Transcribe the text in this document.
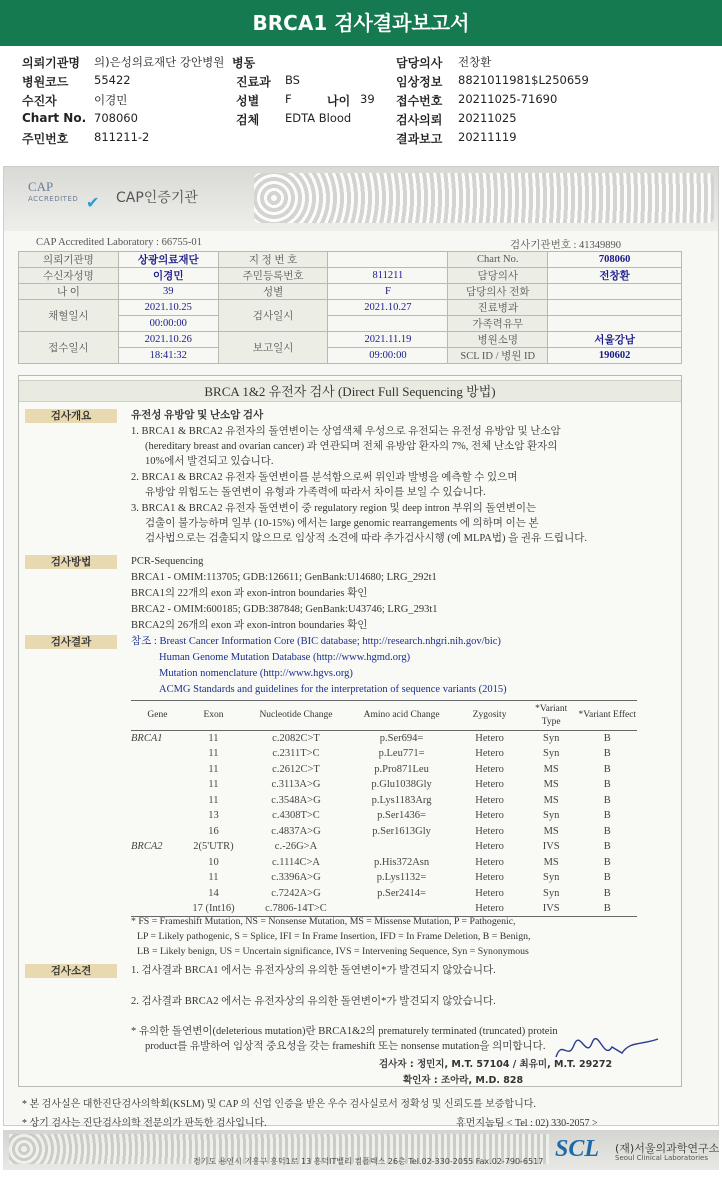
BRCA1 검사결과보고서
의뢰기관명 의)은성의료재단 강안병원 병동	담당의사 전창환
병원코드 55422	진료과 BS	임상정보 8821011981$L250659
수진자	이경민	성별 F	나이 39 접수번호 20211025-71690
Chart No. 708060	검체 EDTA Blood	검사의뢰 20211025
주민번호 811211-2	결과보고 20211119
CAP
ACCREDITED ✔ CAP인증기관
CAP Accredited Laboratory : 66755-01	검사기관번호 : 41349890
의뢰기관명	상광의료재단	지 정 번 호		Chart No.	708060
수신자성명	이경민	주민등록번호	811211	담당의사	전창환
나 이	39	성별	F	담당의사 전화	
채혈일시	2021.10.25	검사일시	2021.10.27	진료병과	
	00:00:00			가족력유무	
접수일시	2021.10.26	보고일시	2021.11.19	병원소명	서울강남
	18:41:32		09:00:00	SCL ID / 병원 ID	190602
BRCA 1&2 유전자 검사 (Direct Full Sequencing 방법)
검사개요	유전성 유방암 및 난소암 검사
1. BRCA1 & BRCA2 유전자의 돌연변이는 상염색체 우성으로 유전되는 유전성 유방암 및 난소암
(hereditary breast and ovarian cancer) 과 연관되며 전체 유방암 환자의 7%, 전체 난소암 환자의
10%에서 발견되고 있습니다.
2. BRCA1 & BRCA2 유전자 돌연변이를 분석함으로써 위인과 발병을 예측할 수 있으며
유방암 위험도는 돌연변이 유형과 가족력에 따라서 차이를 보일 수 있습니다.
3. BRCA1 & BRCA2 유전자 돌연변이 중 regulatory region 및 deep intron 부위의 돌연변이는
검출이 불가능하며 일부 (10-15%) 에서는 large genomic rearrangements 에 의하며 이는 본
검사법으로는 검출되지 않으므로 임상적 소견에 따라 추가검사시행 (예 MLPA법) 을 권유 드립니다.
검사방법	PCR-Sequencing
BRCA1 - OMIM:113705; GDB:126611; GenBank:U14680; LRG_292t1
BRCA1의 22개의 exon 과 exon-intron boundaries 확인
BRCA2 - OMIM:600185; GDB:387848; GenBank:U43746; LRG_293t1
BRCA2의 26개의 exon 과 exon-intron boundaries 확인
검사결과	참조 : Breast Cancer Information Core (BIC database; http://research.nhgri.nih.gov/bic)
Human Genome Mutation Database (http://www.hgmd.org)
Mutation nomenclature (http://www.hgvs.org)
ACMG Standards and guidelines for the interpretation of sequence variants (2015)
Gene	Exon	Nucleotide Change	Amino acid Change	Zygosity	*Variant Type	*Variant Effect
BRCA1	11	c.2082C>T	p.Ser694=	Hetero	Syn	B
	11	c.2311T>C	p.Leu771=	Hetero	Syn	B
	11	c.2612C>T	p.Pro871Leu	Hetero	MS	B
	11	c.3113A>G	p.Glu1038Gly	Hetero	MS	B
	11	c.3548A>G	p.Lys1183Arg	Hetero	MS	B
	13	c.4308T>C	p.Ser1436=	Hetero	Syn	B
	16	c.4837A>G	p.Ser1613Gly	Hetero	MS	B
BRCA2	2(5'UTR)	c.-26G>A		Hetero	IVS	B
	10	c.1114C>A	p.His372Asn	Hetero	MS	B
	11	c.3396A>G	p.Lys1132=	Hetero	Syn	B
	14	c.7242A>G	p.Ser2414=	Hetero	Syn	B
	17 (Int16)	c.7806-14T>C		Hetero	IVS	B
* FS = Frameshift Mutation, NS = Nonsense Mutation, MS = Missense Mutation, P = Pathogenic,
LP = Likely pathogenic, S = Splice, IFI = In Frame Insertion, IFD = In Frame Deletion, B = Benign,
LB = Likely benign, US = Uncertain significance, IVS = Intervening Sequence, Syn = Synonymous
검사소견	1. 검사결과 BRCA1 에서는 유전자상의 유의한 돌연변이*가 발견되지 않았습니다.
2. 검사결과 BRCA2 에서는 유전자상의 유의한 돌연변이*가 발견되지 않았습니다.
* 유의한 돌연변이(deleterious mutation)란 BRCA1&2의 prematurely terminated (truncated) protein
product를 유발하여 임상적 중요성을 갖는 frameshift 또는 nonsense mutation을 의미합니다.
검사자 : 정민지, M.T. 57104 / 최유미, M.T. 29272
확인자 : 조아라, M.D. 828
* 본 검사실은 대한진단검사의학회(KSLM) 및 CAP 의 신업 인증을 받은 우수 검사실로서 정확성 및 신뢰도를 보증합니다.
* 상기 검사는 진단검사의학 전문의가 판독한 검사입니다.	휴먼지놈팀 < Tel : 02) 330-2057 >
경기도 용인시 기흥구 흥덕1로 13 흥덕IT밸리 컴플렉스 26층 Tel.02-330-2055 Fax.02-790-6517 SCL (재)서울의과학연구소
Seoul Clinical Laboratories
